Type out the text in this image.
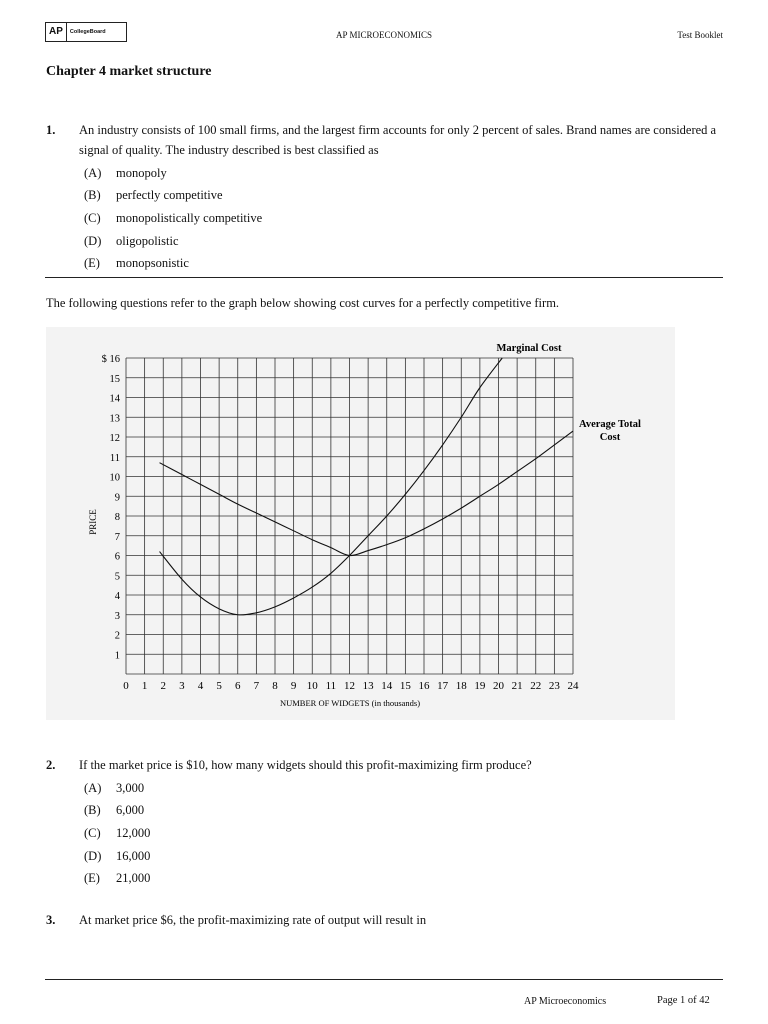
AP	CollegeBoard	AP MICROECONOMICS	Test Booklet
Chapter 4 market structure
1. An industry consists of 100 small firms, and the largest firm accounts for only 2 percent of sales. Brand names are considered a signal of quality. The industry described is best classified as
(A)	monopoly
(B)	perfectly competitive
(C)	monopolistically competitive
(D)	oligopolistic
(E)	monopsonistic
The following questions refer to the graph below showing cost curves for a perfectly competitive firm.
$ 16
15
14
13
12
11
10
9
8
7
6
5
4
3
2
1
0 1 2 3 4 5 6 7 8 9 10 11 12 13 14 15 16 17 18 19 20 21 22 23 24
Marginal Cost
Average Total
Cost
PRICE
NUMBER OF WIDGETS (in thousands)
2. If the market price is $10, how many widgets should this profit-maximizing firm produce?
(A)	3,000
(B)	6,000
(C)	12,000
(D)	16,000
(E)	21,000
3. At market price $6, the profit-maximizing rate of output will result in
AP Microeconomics	Page 1 of 42
